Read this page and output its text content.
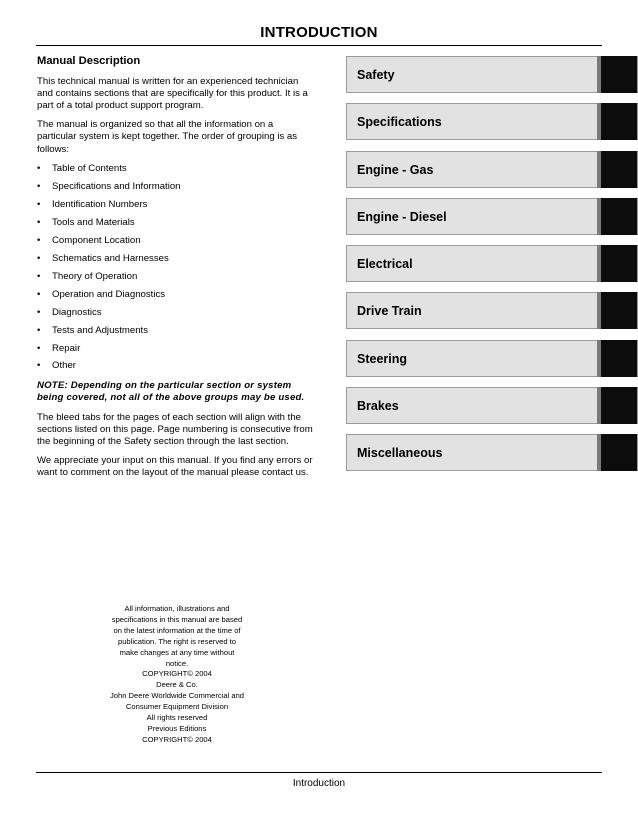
INTRODUCTION
Manual Description

This technical manual is written for an experienced technician and contains sections that are specifically for this product. It is a part of a total product support program.

The manual is organized so that all the information on a particular system is kept together. The order of grouping is as follows:

• Table of Contents
• Specifications and Information
• Identification Numbers
• Tools and Materials
• Component Location
• Schematics and Harnesses
• Theory of Operation
• Operation and Diagnostics
• Diagnostics
• Tests and Adjustments
• Repair
• Other

NOTE: Depending on the particular section or system being covered, not all of the above groups may be used.

The bleed tabs for the pages of each section will align with the sections listed on this page. Page numbering is consecutive from the beginning of the Safety section through the last section.

We appreciate your input on this manual. If you find any errors or want to comment on the layout of the manual please contact us.

Safety
Specifications
Engine - Gas
Engine - Diesel
Electrical
Drive Train
Steering
Brakes
Miscellaneous
All information, illustrations and
specifications in this manual are based
on the latest information at the time of
publication. The right is reserved to
make changes at any time without
notice.
COPYRIGHT© 2004
Deere & Co.
John Deere Worldwide Commercial and
Consumer Equipment Division
All rights reserved
Previous Editions
COPYRIGHT© 2004
Introduction
